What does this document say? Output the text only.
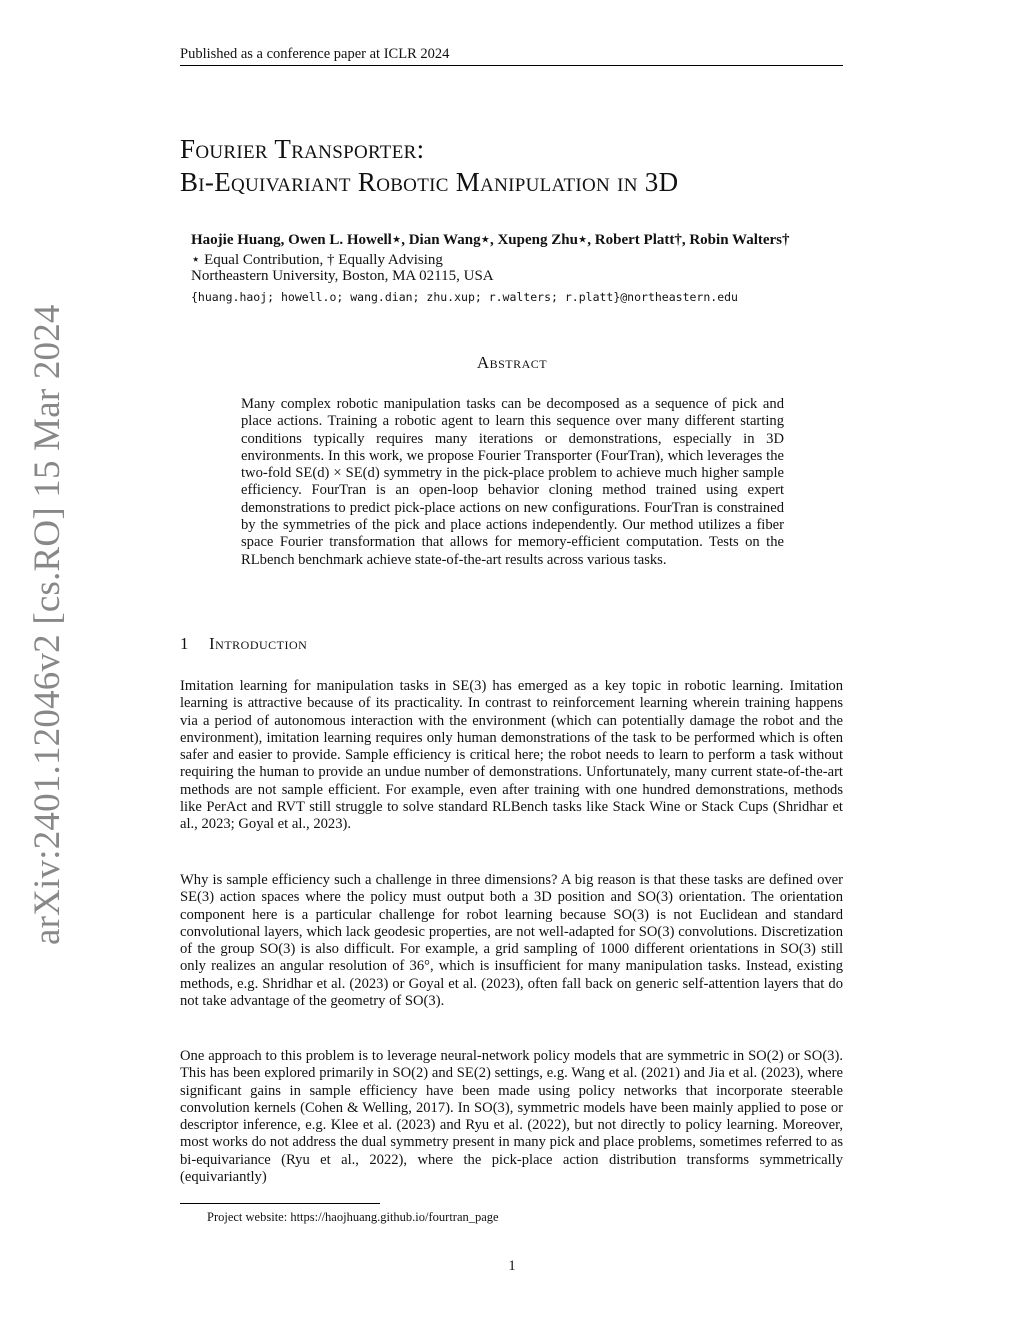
Published as a conference paper at ICLR 2024
arXiv:2401.12046v2 [cs.RO] 15 Mar 2024
Fourier Transporter:
Bi-Equivariant Robotic Manipulation in 3D
Haojie Huang, Owen L. Howell⋆, Dian Wang⋆, Xupeng Zhu⋆, Robert Platt†, Robin Walters†
⋆ Equal Contribution, † Equally Advising
Northeastern University, Boston, MA 02115, USA
{huang.haoj; howell.o; wang.dian; zhu.xup; r.walters; r.platt}@northeastern.edu
Abstract
Many complex robotic manipulation tasks can be decomposed as a sequence of pick and place actions. Training a robotic agent to learn this sequence over many different starting conditions typically requires many iterations or demonstrations, especially in 3D environments. In this work, we propose Fourier Transporter (FourTran), which leverages the two-fold SE(d) × SE(d) symmetry in the pick-place problem to achieve much higher sample efficiency. FourTran is an open-loop behavior cloning method trained using expert demonstrations to predict pick-place actions on new configurations. FourTran is constrained by the symmetries of the pick and place actions independently. Our method utilizes a fiber space Fourier transformation that allows for memory-efficient computation. Tests on the RLbench benchmark achieve state-of-the-art results across various tasks.
1 Introduction
Imitation learning for manipulation tasks in SE(3) has emerged as a key topic in robotic learning. Imitation learning is attractive because of its practicality. In contrast to reinforcement learning wherein training happens via a period of autonomous interaction with the environment (which can potentially damage the robot and the environment), imitation learning requires only human demonstrations of the task to be performed which is often safer and easier to provide. Sample efficiency is critical here; the robot needs to learn to perform a task without requiring the human to provide an undue number of demonstrations. Unfortunately, many current state-of-the-art methods are not sample efficient. For example, even after training with one hundred demonstrations, methods like PerAct and RVT still struggle to solve standard RLBench tasks like Stack Wine or Stack Cups (Shridhar et al., 2023; Goyal et al., 2023).
Why is sample efficiency such a challenge in three dimensions? A big reason is that these tasks are defined over SE(3) action spaces where the policy must output both a 3D position and SO(3) orientation. The orientation component here is a particular challenge for robot learning because SO(3) is not Euclidean and standard convolutional layers, which lack geodesic properties, are not well-adapted for SO(3) convolutions. Discretization of the group SO(3) is also difficult. For example, a grid sampling of 1000 different orientations in SO(3) still only realizes an angular resolution of 36°, which is insufficient for many manipulation tasks. Instead, existing methods, e.g. Shridhar et al. (2023) or Goyal et al. (2023), often fall back on generic self-attention layers that do not take advantage of the geometry of SO(3).
One approach to this problem is to leverage neural-network policy models that are symmetric in SO(2) or SO(3). This has been explored primarily in SO(2) and SE(2) settings, e.g. Wang et al. (2021) and Jia et al. (2023), where significant gains in sample efficiency have been made using policy networks that incorporate steerable convolution kernels (Cohen & Welling, 2017). In SO(3), symmetric models have been mainly applied to pose or descriptor inference, e.g. Klee et al. (2023) and Ryu et al. (2022), but not directly to policy learning. Moreover, most works do not address the dual symmetry present in many pick and place problems, sometimes referred to as bi-equivariance (Ryu et al., 2022), where the pick-place action distribution transforms symmetrically (equivariantly)
Project website: https://haojhuang.github.io/fourtran_page
1
